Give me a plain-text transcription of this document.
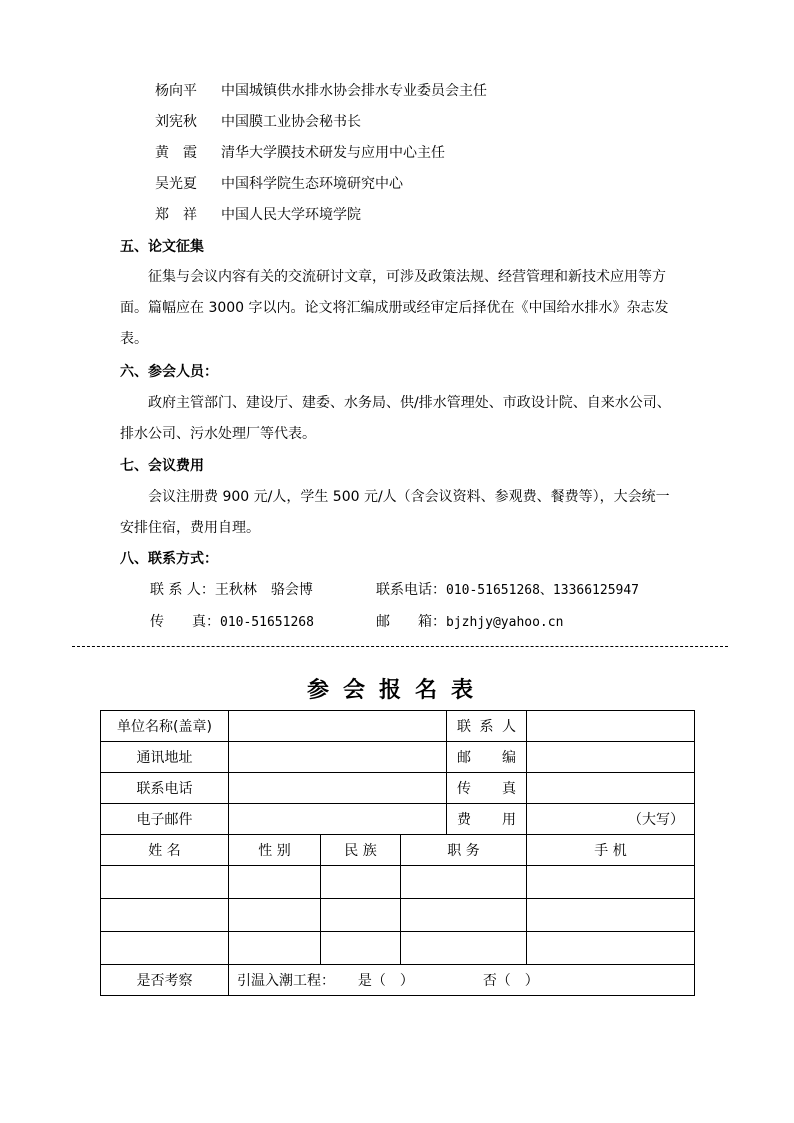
杨向平 中国城镇供水排水协会排水专业委员会主任
刘宪秋 中国膜工业协会秘书长
黄　霞 清华大学膜技术研发与应用中心主任
吴光夏 中国科学院生态环境研究中心
郑　祥 中国人民大学环境学院
五、论文征集
征集与会议内容有关的交流研讨文章，可涉及政策法规、经营管理和新技术应用等方面。篇幅应在 3000 字以内。论文将汇编成册或经审定后择优在《中国给水排水》杂志发表。
六、参会人员：
政府主管部门、建设厅、建委、水务局、供/排水管理处、市政设计院、自来水公司、排水公司、污水处理厂等代表。
七、会议费用
会议注册费 900 元/人，学生 500 元/人（含会议资料、参观费、餐费等），大会统一安排住宿，费用自理。
八、联系方式：
联 系 人：王秋林　骆会博	联系电话：010-51651268、13366125947
传　　真：010-51651268	邮　　箱：bjzhjy@yahoo.cn
参会报名表
单位名称(盖章)				联 系 人	
通讯地址				邮　　编	
联系电话				传　　真	
电子邮件				费　　用	（大写）
姓 名	性 别	民 族	职 务		手 机

是否考察	引温入潮工程： 是（　） 否（　）				
